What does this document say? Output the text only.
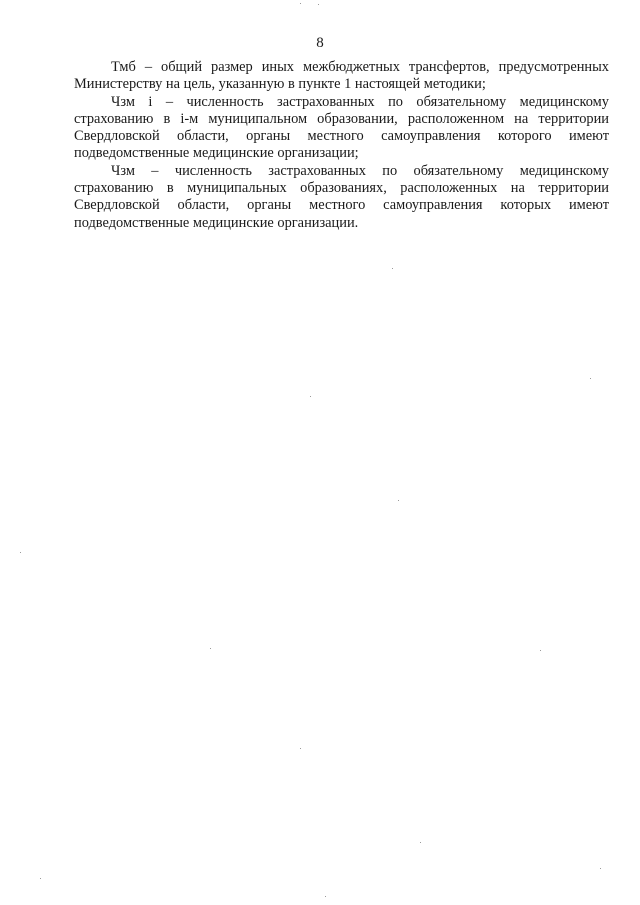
8

Тмб – общий размер иных межбюджетных трансфертов, предусмотренных Министерству на цель, указанную в пункте 1 настоящей методики;

Чзм i – численность застрахованных по обязательному медицинскому страхованию в i-м муниципальном образовании, расположенном на территории Свердловской области, органы местного самоуправления которого имеют подведомственные медицинские организации;

Чзм – численность застрахованных по обязательному медицинскому страхованию в муниципальных образованиях, расположенных на территории Свердловской области, органы местного самоуправления которых имеют подведомственные медицинские организации.
